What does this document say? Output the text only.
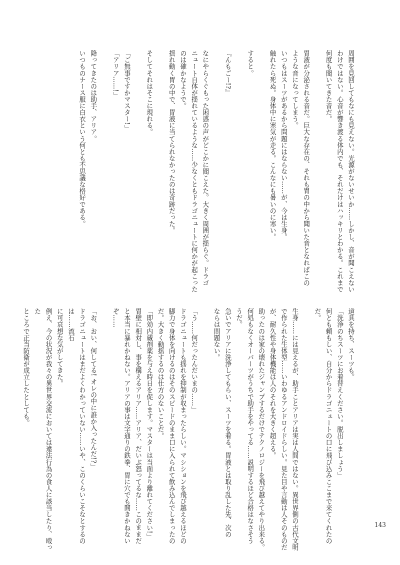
周囲を見回してもなにも見えない。光源がないせいか……しかし、音が聞こえない
わけではない。心音が響き渡る体内でも、それだけはハッキリとわかる。これまで
何度も聞いてきた音だ。

胃液が分泌される音だ。巨大な存在の、それも胃の中から聞いた音となればこの
ような音になってしまう。
いつもはスーツがあるから問題にはならない……が、今は生身。
触れたら死ぬ。身体中に寒気が走る。こんなにも暑いのに寒い。

すると。

『んもごー!?』

なにやらくぐもった困惑の声がどこかに聞こえた。大きく周囲が揺らぐ。ドラゴ
ニュート自体が揺れているような……少なくともドラゴニュートに何かが起こった
のは確かなようで。
揺れ動く胃の中で、胃液に当てられなかったのは奇跡だった。

そしてそれはそこに現れる。

「ご無事ですかマスター!」
「アリア……!」

降ってきたのは助手、アリア。
いつものナース服に白衣という何とも不思議な格好である。
道具を持ち、スーツも。
「洗浄のちスーツにお着替えください。脱出しましょう」
何とも頼もしい、自分からドラゴニュートの口に飛び込みここまで来てくれたの
だ。

生身……には見えるが、助手ことアリアは実は人間ではない。異世界側の古代文明
で作られた生体型……いわゆるアンドロイドらしい。見た目や言動は人そのものだ
が、耐久性や身体機能は人のそれを大きく超える。
助ったのは家の壊れたジャンプするだけでテクノロジーを飛び越えてやり出来る。
何処もなくオーパーツがうちで助手をやってる……説明するほど合格はなさそう
うだ。
急いでアリアに洗浄してもらい、スーツを着る。胃液とは取り乱した先、次の
ならは問題ない。

「う……何だったんだいまの……」
ドラゴニュートも揺れを抑制が収まったらしい。マシションを飛び越えるほどの
脚力で身体を向けるのはそのスピードのまま口に入られて飲み込んでしまったの
だ。大きく動揺するのは仕方のないことだ。
「即効内蔵剤薬を与え時日を促します。マスターは当面より離れてください!」
胃壁に相対し、事を構えるアリア……アリア、だいぶ怒ってるな……このままだ
と本当に暴れかねない。アリアの事は文字通りの鉄拳、胃に穴でも開きかねない
ぞ……

「お、おい、何してる! オレの中に誰か入ったんだ!?」
ドラゴニュートはまだよくわかっていない……いや、このくらいこそなとするのは……流石
に可哀想な気がしてきた。
例え、今の状況が我々の異世界交流においては違法行為の食人に該当したり、殴った
ところで正当防衛が成立したとしても。
143
